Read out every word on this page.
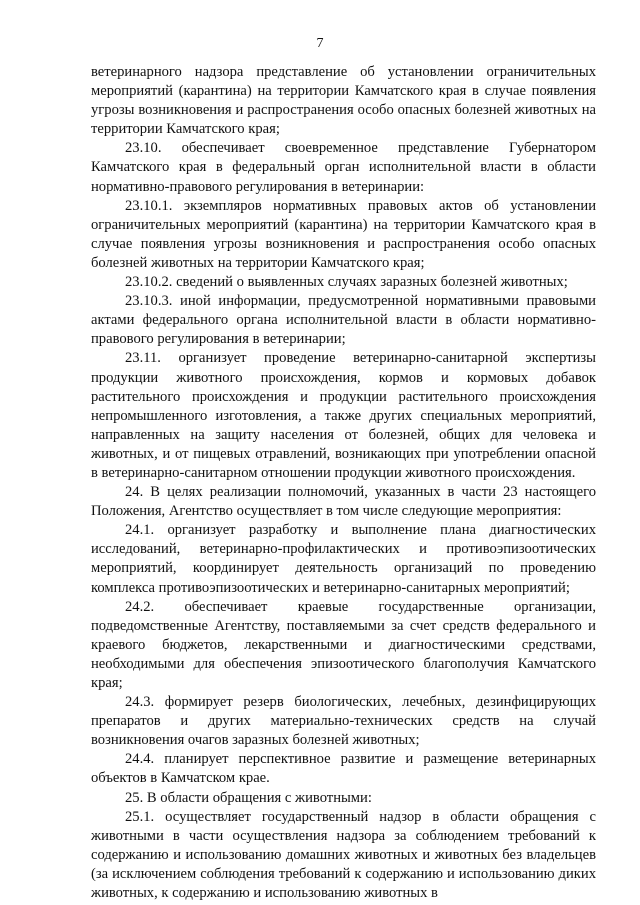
7

ветеринарного надзора представление об установлении ограничительных мероприятий (карантина) на территории Камчатского края в случае появления угрозы возникновения и распространения особо опасных болезней животных на территории Камчатского края;

23.10. обеспечивает своевременное представление Губернатором Камчатского края в федеральный орган исполнительной власти в области нормативно-правового регулирования в ветеринарии:

23.10.1. экземпляров нормативных правовых актов об установлении ограничительных мероприятий (карантина) на территории Камчатского края в случае появления угрозы возникновения и распространения особо опасных болезней животных на территории Камчатского края;

23.10.2. сведений о выявленных случаях заразных болезней животных;

23.10.3. иной информации, предусмотренной нормативными правовыми актами федерального органа исполнительной власти в области нормативно-правового регулирования в ветеринарии;

23.11. организует проведение ветеринарно-санитарной экспертизы продукции животного происхождения, кормов и кормовых добавок растительного происхождения и продукции растительного происхождения непромышленного изготовления, а также других специальных мероприятий, направленных на защиту населения от болезней, общих для человека и животных, и от пищевых отравлений, возникающих при употреблении опасной в ветеринарно-санитарном отношении продукции животного происхождения.

24. В целях реализации полномочий, указанных в части 23 настоящего Положения, Агентство осуществляет в том числе следующие мероприятия:

24.1. организует разработку и выполнение плана диагностических исследований, ветеринарно-профилактических и противоэпизоотических мероприятий, координирует деятельность организаций по проведению комплекса противоэпизоотических и ветеринарно-санитарных мероприятий;

24.2. обеспечивает краевые государственные организации, подведомственные Агентству, поставляемыми за счет средств федерального и краевого бюджетов, лекарственными и диагностическими средствами, необходимыми для обеспечения эпизоотического благополучия Камчатского края;

24.3. формирует резерв биологических, лечебных, дезинфицирующих препаратов и других материально-технических средств на случай возникновения очагов заразных болезней животных;

24.4. планирует перспективное развитие и размещение ветеринарных объектов в Камчатском крае.

25. В области обращения с животными:

25.1. осуществляет государственный надзор в области обращения с животными в части осуществления надзора за соблюдением требований к содержанию и использованию домашних животных и животных без владельцев (за исключением соблюдения требований к содержанию и использованию диких животных, к содержанию и использованию животных в
